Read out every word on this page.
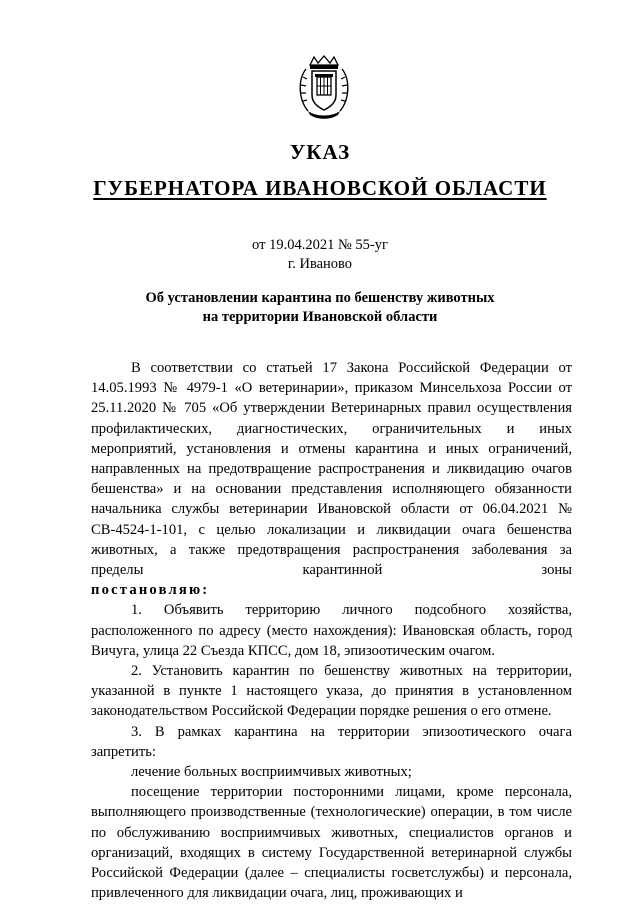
УКАЗ
ГУБЕРНАТОРА ИВАНОВСКОЙ ОБЛАСТИ
от 19.04.2021 № 55-уг
г. Иваново
Об установлении карантина по бешенству животных
на территории Ивановской области

В соответствии со статьей 17 Закона Российской Федерации от 14.05.1993 № 4979-1 «О ветеринарии», приказом Минсельхоза России от 25.11.2020 № 705 «Об утверждении Ветеринарных правил осуществления профилактических, диагностических, ограничительных и иных мероприятий, установления и отмены карантина и иных ограничений, направленных на предотвращение распространения и ликвидацию очагов бешенства» и на основании представления исполняющего обязанности начальника службы ветеринарии Ивановской области от 06.04.2021 № СВ-4524-1-101, с целью локализации и ликвидации очага бешенства животных, а также предотвращения распространения заболевания за пределы карантинной зоны

постановляю:

1. Объявить территорию личного подсобного хозяйства, расположенного по адресу (место нахождения): Ивановская область, город Вичуга, улица 22 Съезда КПСС, дом 18, эпизоотическим очагом.

2. Установить карантин по бешенству животных на территории, указанной в пункте 1 настоящего указа, до принятия в установленном законодательством Российской Федерации порядке решения о его отмене.

3. В рамках карантина на территории эпизоотического очага запретить:

лечение больных восприимчивых животных;

посещение территории посторонними лицами, кроме персонала, выполняющего производственные (технологические) операции, в том числе по обслуживанию восприимчивых животных, специалистов органов и организаций, входящих в систему Государственной ветеринарной службы Российской Федерации (далее – специалисты госветслужбы) и персонала, привлеченного для ликвидации очага, лиц, проживающих и
